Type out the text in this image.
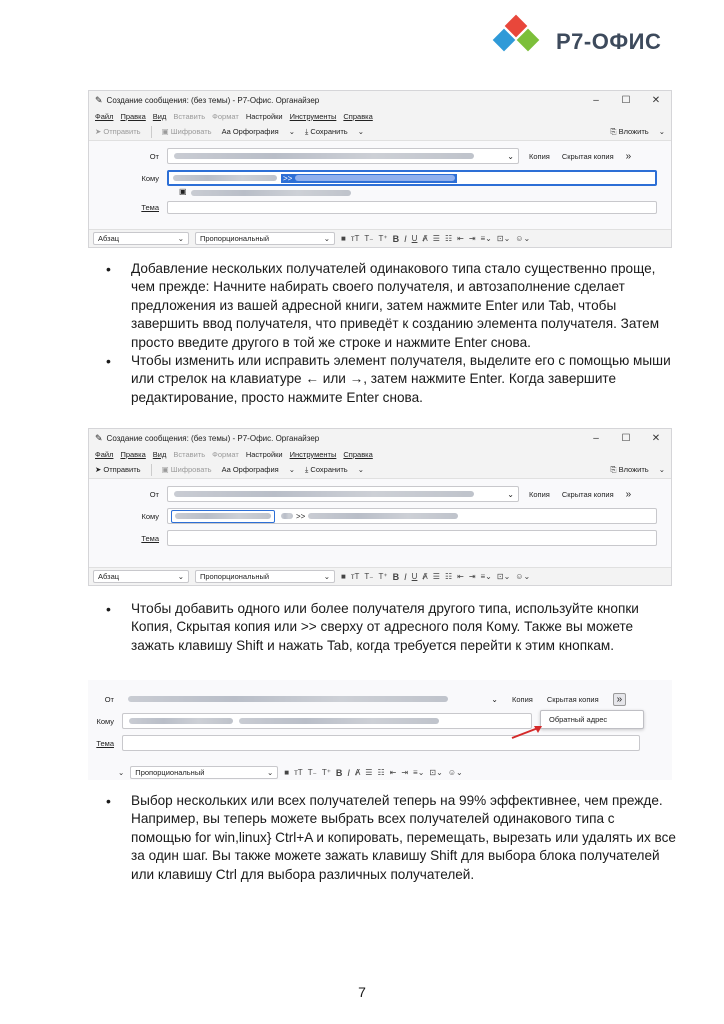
Р7-ОФИС
✎ Создание сообщения: (без темы) - Р7-Офис. Органайзер	–	☐	✕
Файл Правка Вид Вставить Формат Настройки Инструменты Справка
➤ Отправить	▣ Шифровать Aa Орфография ⌄ ⤓ Сохранить ⌄	⎘ Вложить ⌄
От	⌄	Копия Скрытая копия »
Кому	>>
▣
Тема
Абзац	⌄ Пропорциональный	⌄ ■ ᴛT T₋ T⁺ B I U Ⱥ ☰ ☷ ⇤ ⇥ ≡⌄ ⊡⌄ ☺⌄
• Добавление нескольких получателей одинакового типа стало существенно проще, чем прежде: Начните набирать своего получателя, и автозаполнение сделает предложения из вашей адресной книги, затем нажмите Enter или Tab, чтобы завершить ввод получателя, что приведёт к созданию элемента получателя. Затем просто введите другого в той же строке и нажмите Enter снова.
• Чтобы изменить или исправить элемент получателя, выделите его с помощью мыши или стрелок на клавиатуре ← или →, затем нажмите Enter. Когда завершите редактирование, просто нажмите Enter снова.
✎ Создание сообщения: (без темы) - Р7-Офис. Органайзер	–	☐	✕
Файл Правка Вид Вставить Формат Настройки Инструменты Справка
➤ Отправить	▣ Шифровать Aa Орфография ⌄ ⤓ Сохранить ⌄	⎘ Вложить ⌄
От	⌄	Копия Скрытая копия »
Кому	>>
Тема
Абзац	⌄ Пропорциональный	⌄ ■ ᴛT T₋ T⁺ B I U Ⱥ ☰ ☷ ⇤ ⇥ ≡⌄ ⊡⌄ ☺⌄
• Чтобы добавить одного или более получателя другого типа, используйте кнопки Копия, Скрытая копия или >> сверху от адресного поля Кому. Также вы можете зажать клавишу Shift и нажать Tab, когда требуется перейти к этим кнопкам.
От	⌄	Копия Скрытая копия	»
Кому
Тема
⌄ Пропорциональный	⌄ ■ ᴛT T₋ T⁺ B I Ⱥ ☰ ☷ ⇤ ⇥ ≡⌄ ⊡⌄ ☺⌄
Обратный адрес
• Выбор нескольких или всех получателей теперь на 99% эффективнее, чем прежде. Например, вы теперь можете выбрать всех получателей одинакового типа с помощью for win,linux} Ctrl+A и копировать, перемещать, вырезать или удалять их все за один шаг. Вы также можете зажать клавишу Shift для выбора блока получателей или клавишу Ctrl для выбора различных получателей.
7
